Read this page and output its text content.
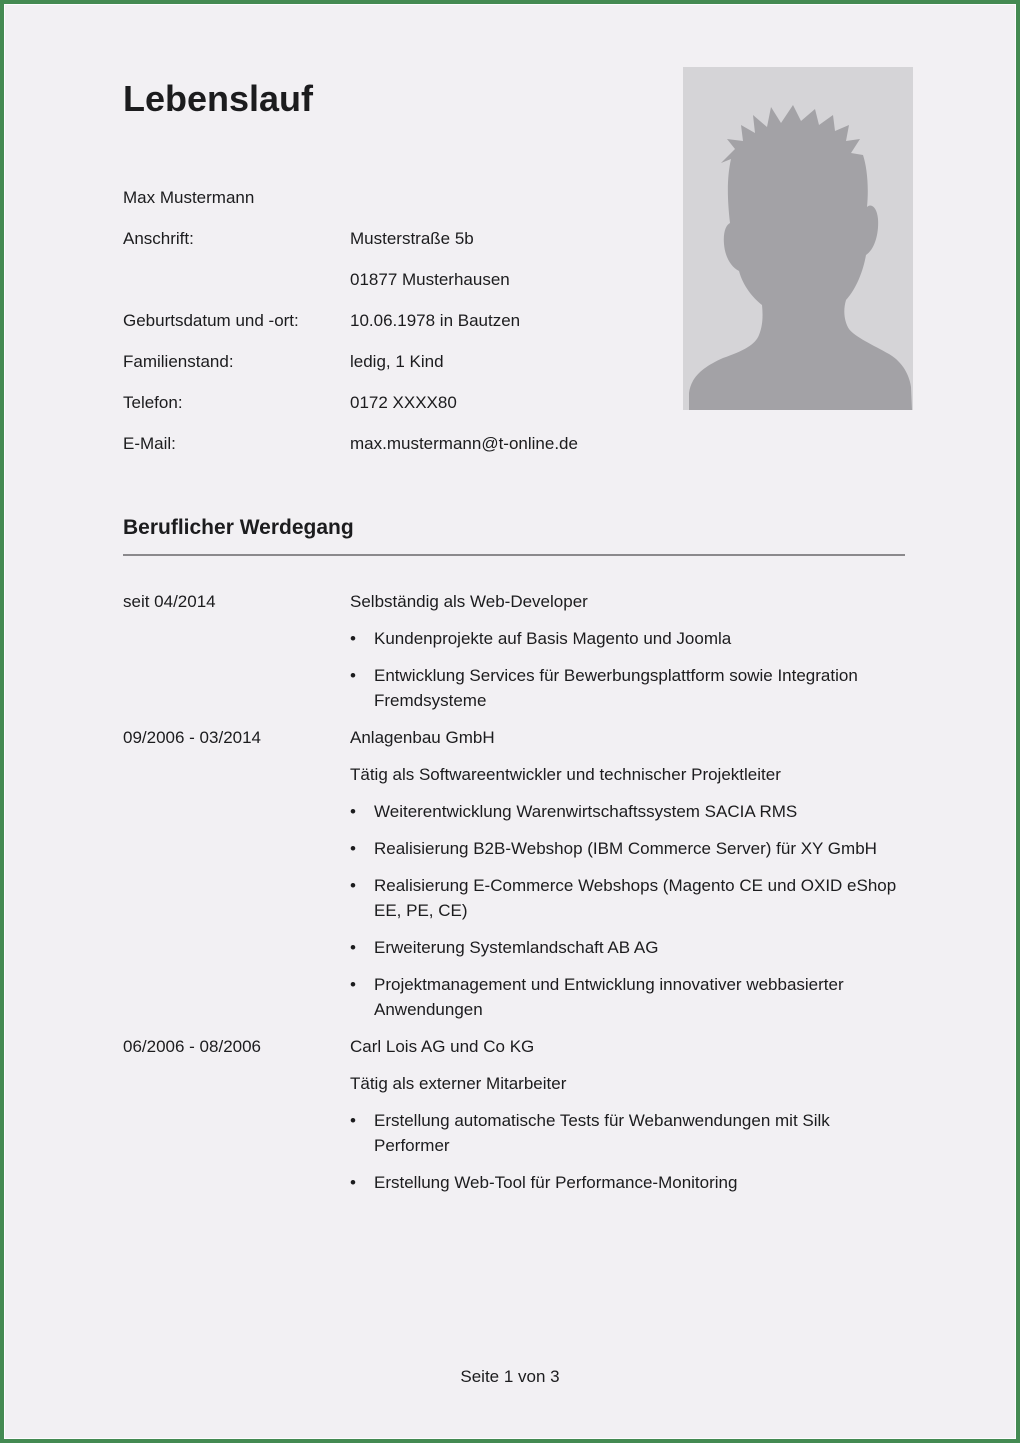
Lebenslauf
Max Mustermann
Anschrift:	Musterstraße 5b
01877 Musterhausen
Geburtsdatum und -ort:	10.06.1978 in Bautzen
Familienstand:	ledig, 1 Kind
Telefon:	0172 XXXX80
E-Mail:	max.mustermann@t-online.de
Beruflicher Werdegang
seit 04/2014	Selbständig als Web-Developer
• Kundenprojekte auf Basis Magento und Joomla
• Entwicklung Services für Bewerbungsplattform sowie Integration Fremdsysteme
09/2006 - 03/2014	Anlagenbau GmbH
Tätig als Softwareentwickler und technischer Projektleiter
• Weiterentwicklung Warenwirtschaftssystem SACIA RMS
• Realisierung B2B-Webshop (IBM Commerce Server) für XY GmbH
• Realisierung E-Commerce Webshops (Magento CE und OXID eShop EE, PE, CE)
• Erweiterung Systemlandschaft AB AG
• Projektmanagement und Entwicklung innovativer webbasierter Anwendungen
06/2006 - 08/2006	Carl Lois AG und Co KG
Tätig als externer Mitarbeiter
• Erstellung automatische Tests für Webanwendungen mit Silk Performer
• Erstellung Web-Tool für Performance-Monitoring
Seite 1 von 3
